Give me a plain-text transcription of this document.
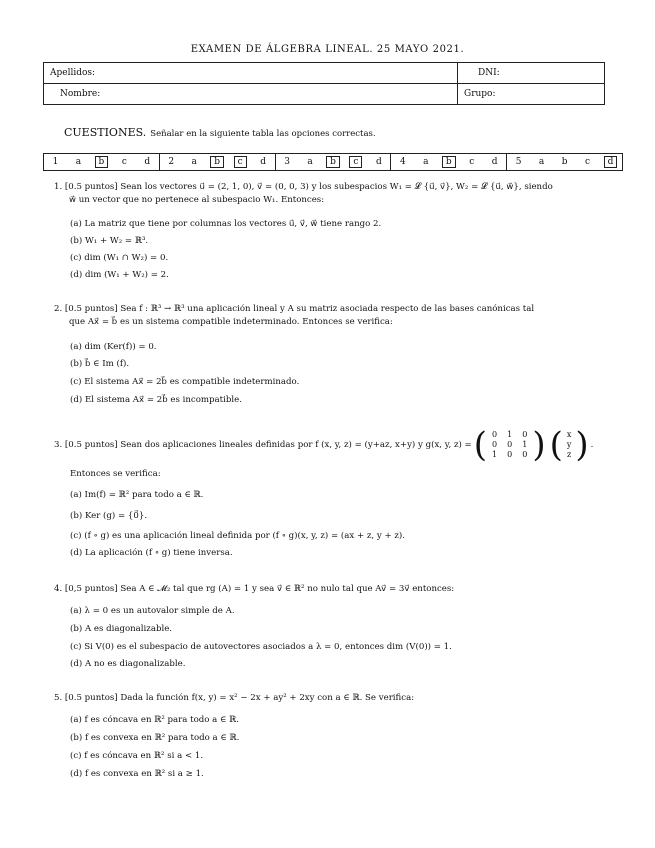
EXAMEN DE ÁLGEBRA LINEAL. 25 MAYO 2021.
Apellidos:	DNI:
Nombre:	Grupo:
CUESTIONES. Señalar en la siguiente tabla las opciones correctas.
1	a	b	c	d	2	a	b	c	d	3	a	b	c	d	4	a	b	c	d	5	a	b	c	d
1. [0.5 puntos] Sean los vectores u⃗ = (2, 1, 0), v⃗ = (0, 0, 3) y los subespacios W₁ = 𝓛 {u⃗, v⃗}, W₂ = 𝓛 {u⃗, w⃗}, siendo
w⃗ un vector que no pertenece al subespacio W₁. Entonces:
(a) La matriz que tiene por columnas los vectores u⃗, v⃗, w⃗ tiene rango 2.
(b) W₁ + W₂ = ℝ³.
(c) dim (W₁ ∩ W₂) = 0.
(d) dim (W₁ + W₂) = 2.
2. [0.5 puntos] Sea f : ℝ³ → ℝ³ una aplicación lineal y A su matriz asociada respecto de las bases canónicas tal
que Ax⃗ = b⃗ es un sistema compatible indeterminado. Entonces se verifica:
(a) dim (Ker(f)) = 0.
(b) b⃗ ∈ Im (f).
(c) El sistema Ax⃗ = 2b⃗ es compatible indeterminado.
(d) El sistema Ax⃗ = 2b⃗ es incompatible.
3. [0.5 puntos] Sean dos aplicaciones lineales definidas por f (x, y, z) = (y+az, x+y) y g(x, y, z) = ( 0	1	0
0	0	1
1	0	0 ) ( x
y
z ) .
Entonces se verifica:
(a) Im(f) = ℝ² para todo a ∈ ℝ.
(b) Ker (g) = {0⃗}.
(c) (f ∘ g) es una aplicación lineal definida por (f ∘ g)(x, y, z) = (ax + z, y + z).
(d) La aplicación (f ∘ g) tiene inversa.
4. [0,5 puntos] Sea A ∈ 𝓜₂ tal que rg (A) = 1 y sea v⃗ ∈ ℝ² no nulo tal que Av⃗ = 3v⃗ entonces:
(a) λ = 0 es un autovalor simple de A.
(b) A es diagonalizable.
(c) Si V(0) es el subespacio de autovectores asociados a λ = 0, entonces dim (V(0)) = 1.
(d) A no es diagonalizable.
5. [0.5 puntos] Dada la función f(x, y) = x² − 2x + ay² + 2xy con a ∈ ℝ. Se verifica:
(a) f es cóncava en ℝ² para todo a ∈ ℝ.
(b) f es convexa en ℝ² para todo a ∈ ℝ.
(c) f es cóncava en ℝ² si a < 1.
(d) f es convexa en ℝ² si a ≥ 1.
